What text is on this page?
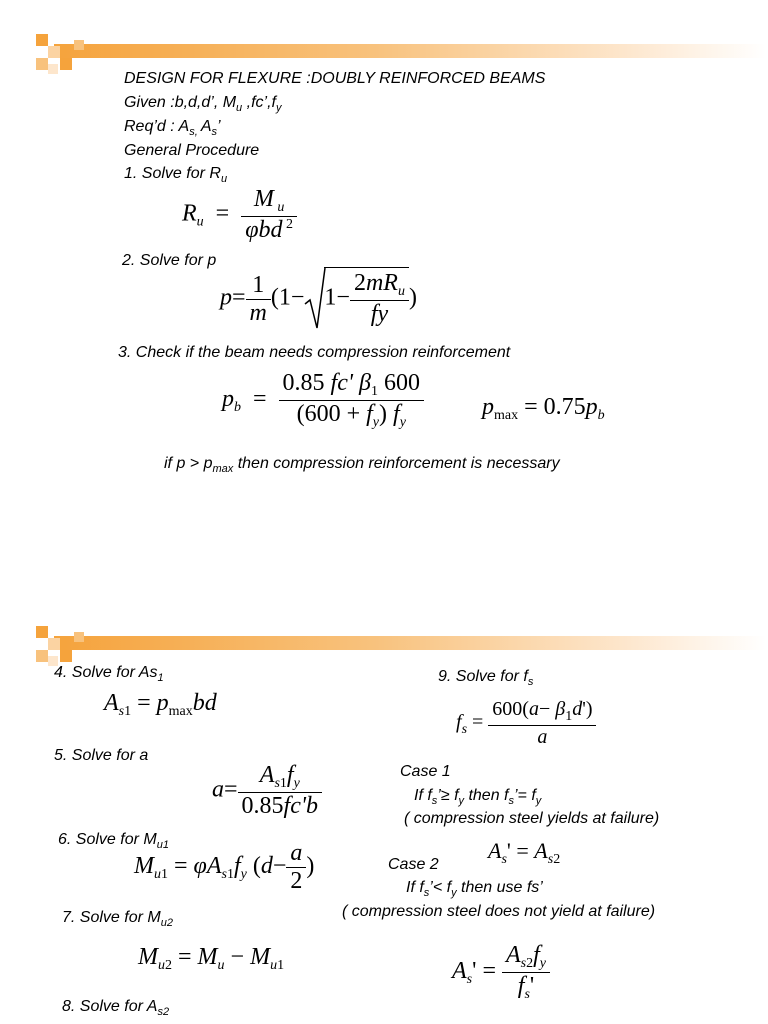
DESIGN FOR FLEXURE :DOUBLY REINFORCED BEAMS
Given :b,d,d’, $M_u$ $,fc’,f_y$
Req’d : $A_{s,}$ $A_s$’
General Procedure
1. Solve for $R_u$
$R_u = \frac{M _u}{\varphi bd ^2}$
2. Solve for p
$p= \frac{1}{m} (1- 1- \frac{2mR_u}{fy}$ )
3. Check if the beam needs compression reinforcement
$p_b = \frac{0.85 fc' \beta_1 600}{(600 + f_y) f_y} p_{max} = 0.75p_b$
if $p > p_{max}$ then compression reinforcement is necessary
4. Solve for $As_1$
$A_{s1} = p_{max}bd$
5. Solve for a
$a= \frac{A_{s1}f_y}{0.85fc'b}$
6. Solve for $M_{u1}$
$M_{u1} = \varphi A_{s1}f_y$ ($d- \frac{a}{2}$ )
7. Solve for $M_{u2}$
$M_{u2} = M_u - M_{u1}$
8. Solve for $A_{s2}$
9. Solve for $f_s$
$f_s = \frac{600(a- \beta_1d')}{a}$
Case 1
If $f_s’\ge f_y$ then $f_s’= f_y$
( compression steel yields at failure)
$A_s' = A_{s2}$
Case 2
If $f_s’< f_y$ then use fs’
( compression steel does not yield at failure)
$A_s' = \frac{A_{s2}f_y}{f_s'}$
